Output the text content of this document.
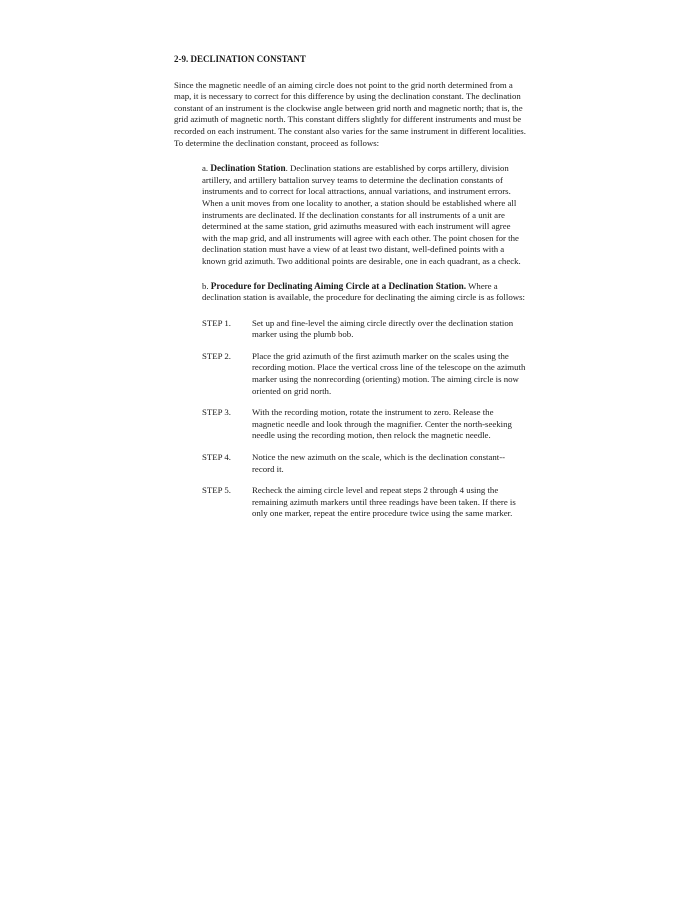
2-9. DECLINATION CONSTANT
Since the magnetic needle of an aiming circle does not point to the grid north determined from a map, it is necessary to correct for this difference by using the declination constant. The declination constant of an instrument is the clockwise angle between grid north and magnetic north; that is, the grid azimuth of magnetic north. This constant differs slightly for different instruments and must be recorded on each instrument. The constant also varies for the same instrument in different localities. To determine the declination constant, proceed as follows:
a. Declination Station. Declination stations are established by corps artillery, division artillery, and artillery battalion survey teams to determine the declination constants of instruments and to correct for local attractions, annual variations, and instrument errors. When a unit moves from one locality to another, a station should be established where all instruments are declinated. If the declination constants for all instruments of a unit are determined at the same station, grid azimuths measured with each instrument will agree with the map grid, and all instruments will agree with each other. The point chosen for the declination station must have a view of at least two distant, well-defined points with a known grid azimuth. Two additional points are desirable, one in each quadrant, as a check.
b. Procedure for Declinating Aiming Circle at a Declination Station. Where a declination station is available, the procedure for declinating the aiming circle is as follows:
STEP 1.	Set up and fine-level the aiming circle directly over the declination station marker using the plumb bob.
STEP 2.	Place the grid azimuth of the first azimuth marker on the scales using the recording motion. Place the vertical cross line of the telescope on the azimuth marker using the nonrecording (orienting) motion. The aiming circle is now oriented on grid north.
STEP 3.	With the recording motion, rotate the instrument to zero. Release the magnetic needle and look through the magnifier. Center the north-seeking needle using the recording motion, then relock the magnetic needle.
STEP 4.	Notice the new azimuth on the scale, which is the declination constant--record it.
STEP 5.	Recheck the aiming circle level and repeat steps 2 through 4 using the remaining azimuth markers until three readings have been taken. If there is only one marker, repeat the entire procedure twice using the same marker.
